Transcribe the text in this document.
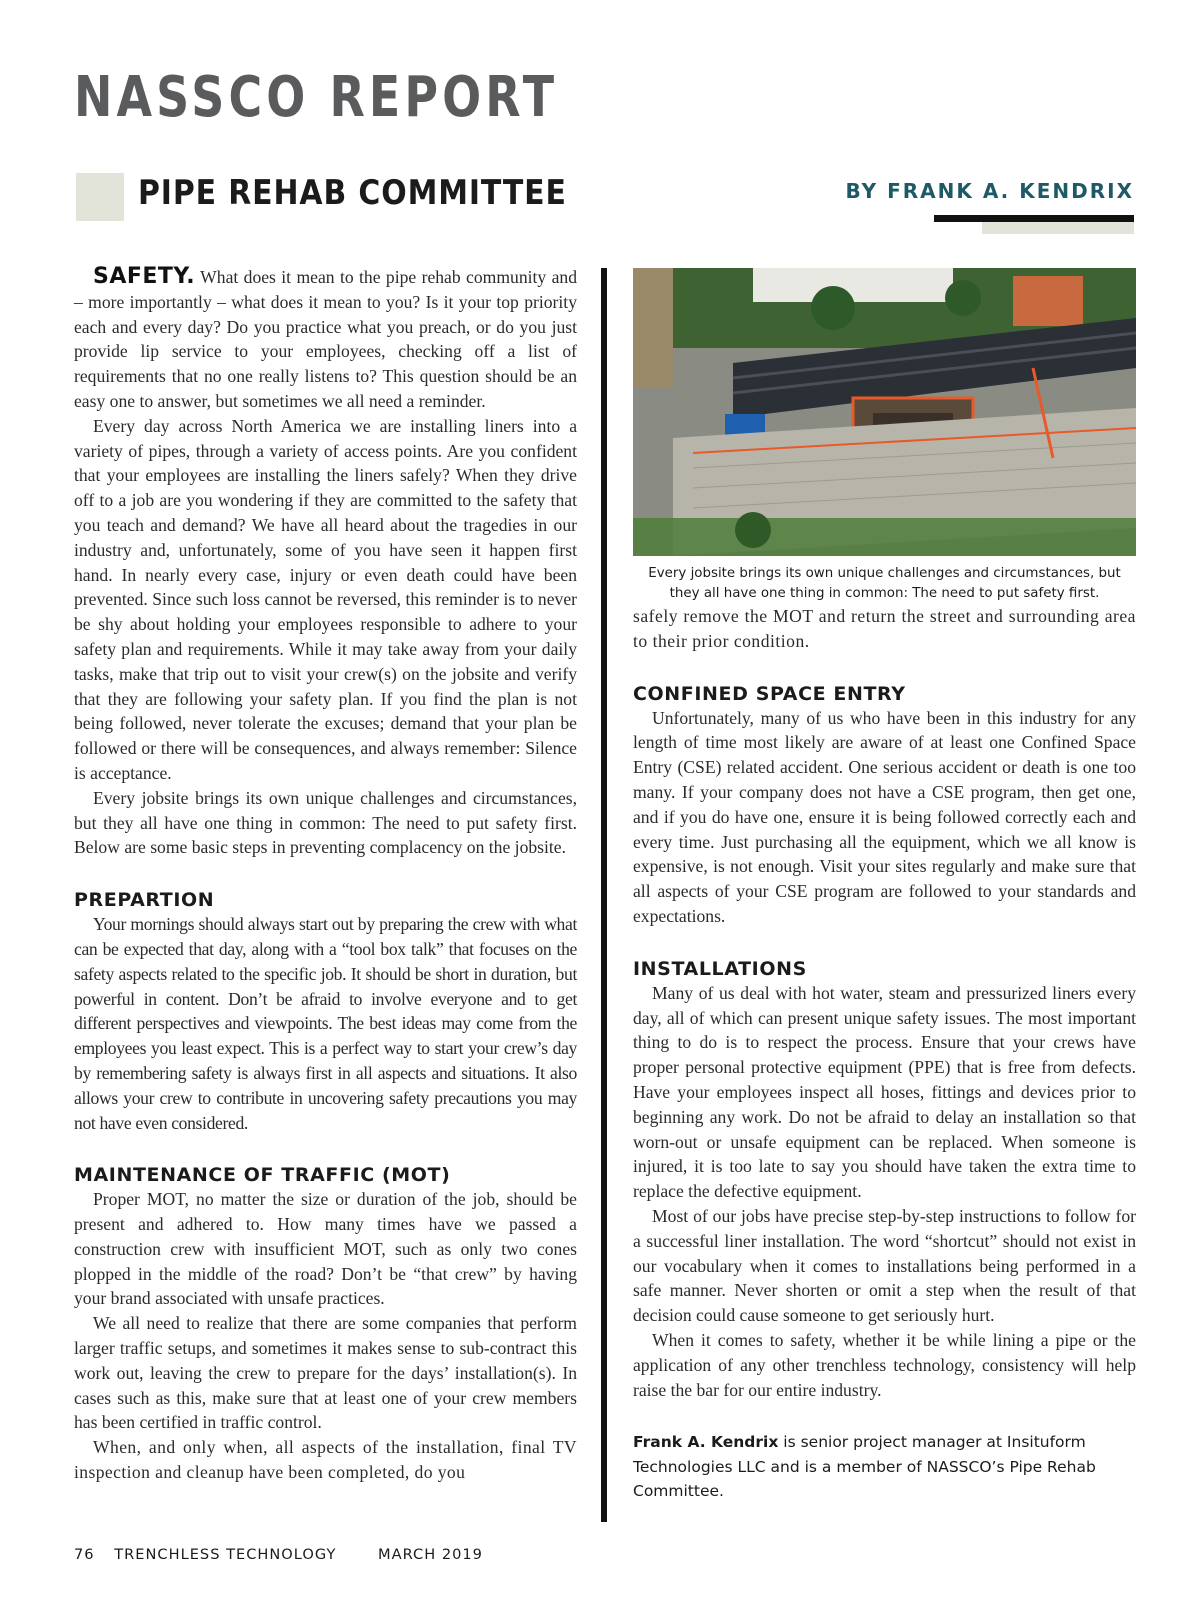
NASSCO REPORT
PIPE REHAB COMMITTEE	BY FRANK A. KENDRIX

SAFETY. What does it mean to the pipe rehab community and – more importantly – what does it mean to you? Is it your top priority each and every day? Do you practice what you preach, or do you just provide lip service to your employees, checking off a list of requirements that no one really listens to? This question should be an easy one to answer, but sometimes we all need a reminder.

Every day across North America we are installing liners into a variety of pipes, through a variety of access points. Are you confident that your employees are installing the liners safely? When they drive off to a job are you wondering if they are committed to the safety that you teach and demand? We have all heard about the tragedies in our industry and, unfortunately, some of you have seen it happen first hand. In nearly every case, injury or even death could have been prevented. Since such loss cannot be reversed, this reminder is to never be shy about holding your employees responsible to adhere to your safety plan and requirements. While it may take away from your daily tasks, make that trip out to visit your crew(s) on the jobsite and verify that they are following your safety plan. If you find the plan is not being followed, never tolerate the excuses; demand that your plan be followed or there will be consequences, and always remember: Silence is acceptance.

Every jobsite brings its own unique challenges and circumstances, but they all have one thing in common: The need to put safety first. Below are some basic steps in preventing complacency on the jobsite.

PREPARTION

Your mornings should always start out by preparing the crew with what can be expected that day, along with a “tool box talk” that focuses on the safety aspects related to the specific job. It should be short in duration, but powerful in content. Don’t be afraid to involve everyone and to get different perspectives and viewpoints. The best ideas may come from the employees you least expect. This is a perfect way to start your crew’s day by remembering safety is always first in all aspects and situations. It also allows your crew to contribute in uncovering safety precautions you may not have even considered.

MAINTENANCE OF TRAFFIC (MOT)

Proper MOT, no matter the size or duration of the job, should be present and adhered to. How many times have we passed a construction crew with insufficient MOT, such as only two cones plopped in the middle of the road? Don’t be “that crew” by having your brand associated with unsafe practices.

We all need to realize that there are some companies that perform larger traffic setups, and sometimes it makes sense to sub-contract this work out, leaving the crew to prepare for the days’ installation(s). In cases such as this, make sure that at least one of your crew members has been certified in traffic control.

When, and only when, all aspects of the installation, final TV inspection and cleanup have been completed, do you

Every jobsite brings its own unique challenges and circumstances, but they all have one thing in common: The need to put safety first.

safely remove the MOT and return the street and surrounding area to their prior condition.

CONFINED SPACE ENTRY

Unfortunately, many of us who have been in this industry for any length of time most likely are aware of at least one Confined Space Entry (CSE) related accident. One serious accident or death is one too many. If your company does not have a CSE program, then get one, and if you do have one, ensure it is being followed correctly each and every time. Just purchasing all the equipment, which we all know is expensive, is not enough. Visit your sites regularly and make sure that all aspects of your CSE program are followed to your standards and expectations.

INSTALLATIONS

Many of us deal with hot water, steam and pressurized liners every day, all of which can present unique safety issues. The most important thing to do is to respect the process. Ensure that your crews have proper personal protective equipment (PPE) that is free from defects. Have your employees inspect all hoses, fittings and devices prior to beginning any work. Do not be afraid to delay an installation so that worn-out or unsafe equipment can be replaced. When someone is injured, it is too late to say you should have taken the extra time to replace the defective equipment.

Most of our jobs have precise step-by-step instructions to follow for a successful liner installation. The word “shortcut” should not exist in our vocabulary when it comes to installations being performed in a safe manner. Never shorten or omit a step when the result of that decision could cause someone to get seriously hurt.

When it comes to safety, whether it be while lining a pipe or the application of any other trenchless technology, consistency will help raise the bar for our entire industry.

Frank A. Kendrix is senior project manager at Insituform Technologies LLC and is a member of NASSCO’s Pipe Rehab Committee.
76 TRENCHLESS TECHNOLOGY	MARCH 2019
